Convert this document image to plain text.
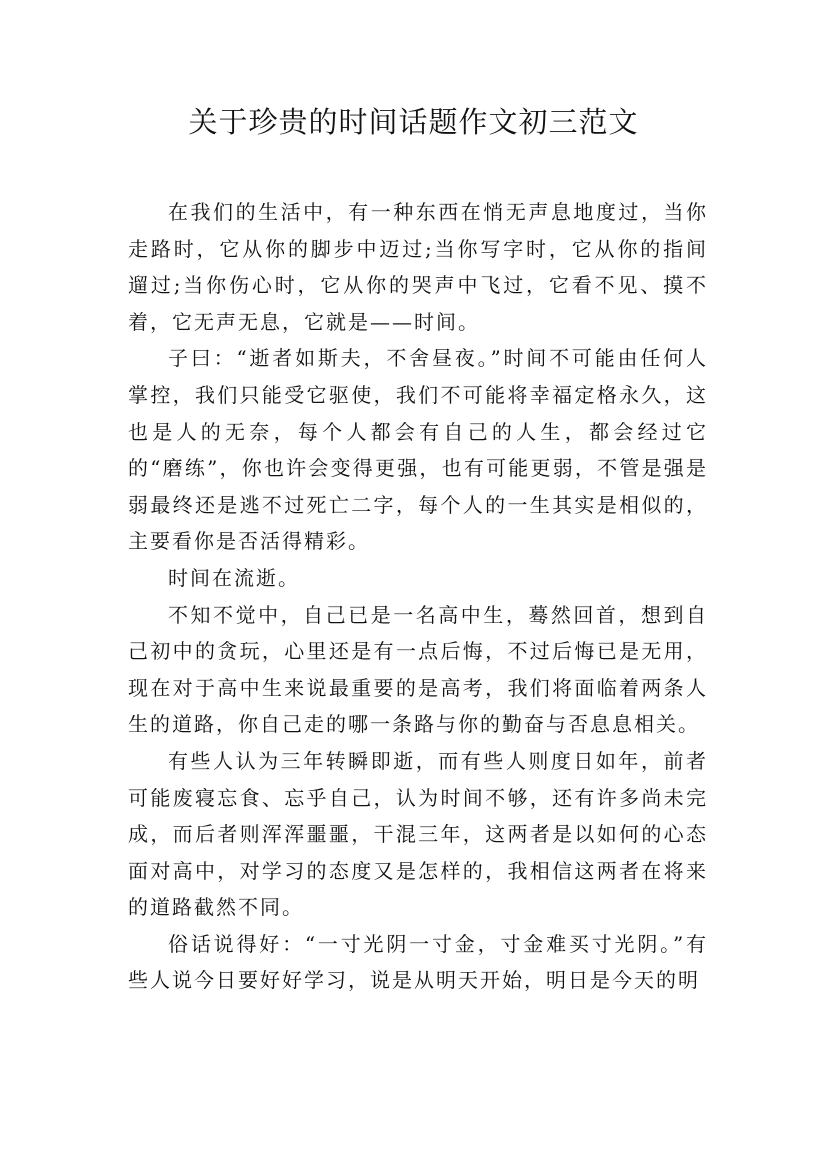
关于珍贵的时间话题作文初三范文

在我们的生活中，有一种东西在悄无声息地度过，当你走路时，它从你的脚步中迈过;当你写字时，它从你的指间遛过;当你伤心时，它从你的哭声中飞过，它看不见、摸不着，它无声无息，它就是——时间。

子曰：“逝者如斯夫，不舍昼夜。”时间不可能由任何人掌控，我们只能受它驱使，我们不可能将幸福定格永久，这也是人的无奈，每个人都会有自己的人生，都会经过它的“磨练”，你也许会变得更强，也有可能更弱，不管是强是弱最终还是逃不过死亡二字，每个人的一生其实是相似的，主要看你是否活得精彩。

时间在流逝。

不知不觉中，自己已是一名高中生，蓦然回首，想到自己初中的贪玩，心里还是有一点后悔，不过后悔已是无用，现在对于高中生来说最重要的是高考，我们将面临着两条人生的道路，你自己走的哪一条路与你的勤奋与否息息相关。

有些人认为三年转瞬即逝，而有些人则度日如年，前者可能废寝忘食、忘乎自己，认为时间不够，还有许多尚未完成，而后者则浑浑噩噩，干混三年，这两者是以如何的心态面对高中，对学习的态度又是怎样的，我相信这两者在将来的道路截然不同。

俗话说得好：“一寸光阴一寸金，寸金难买寸光阴。”有些人说今日要好好学习，说是从明天开始，明日是今天的明
